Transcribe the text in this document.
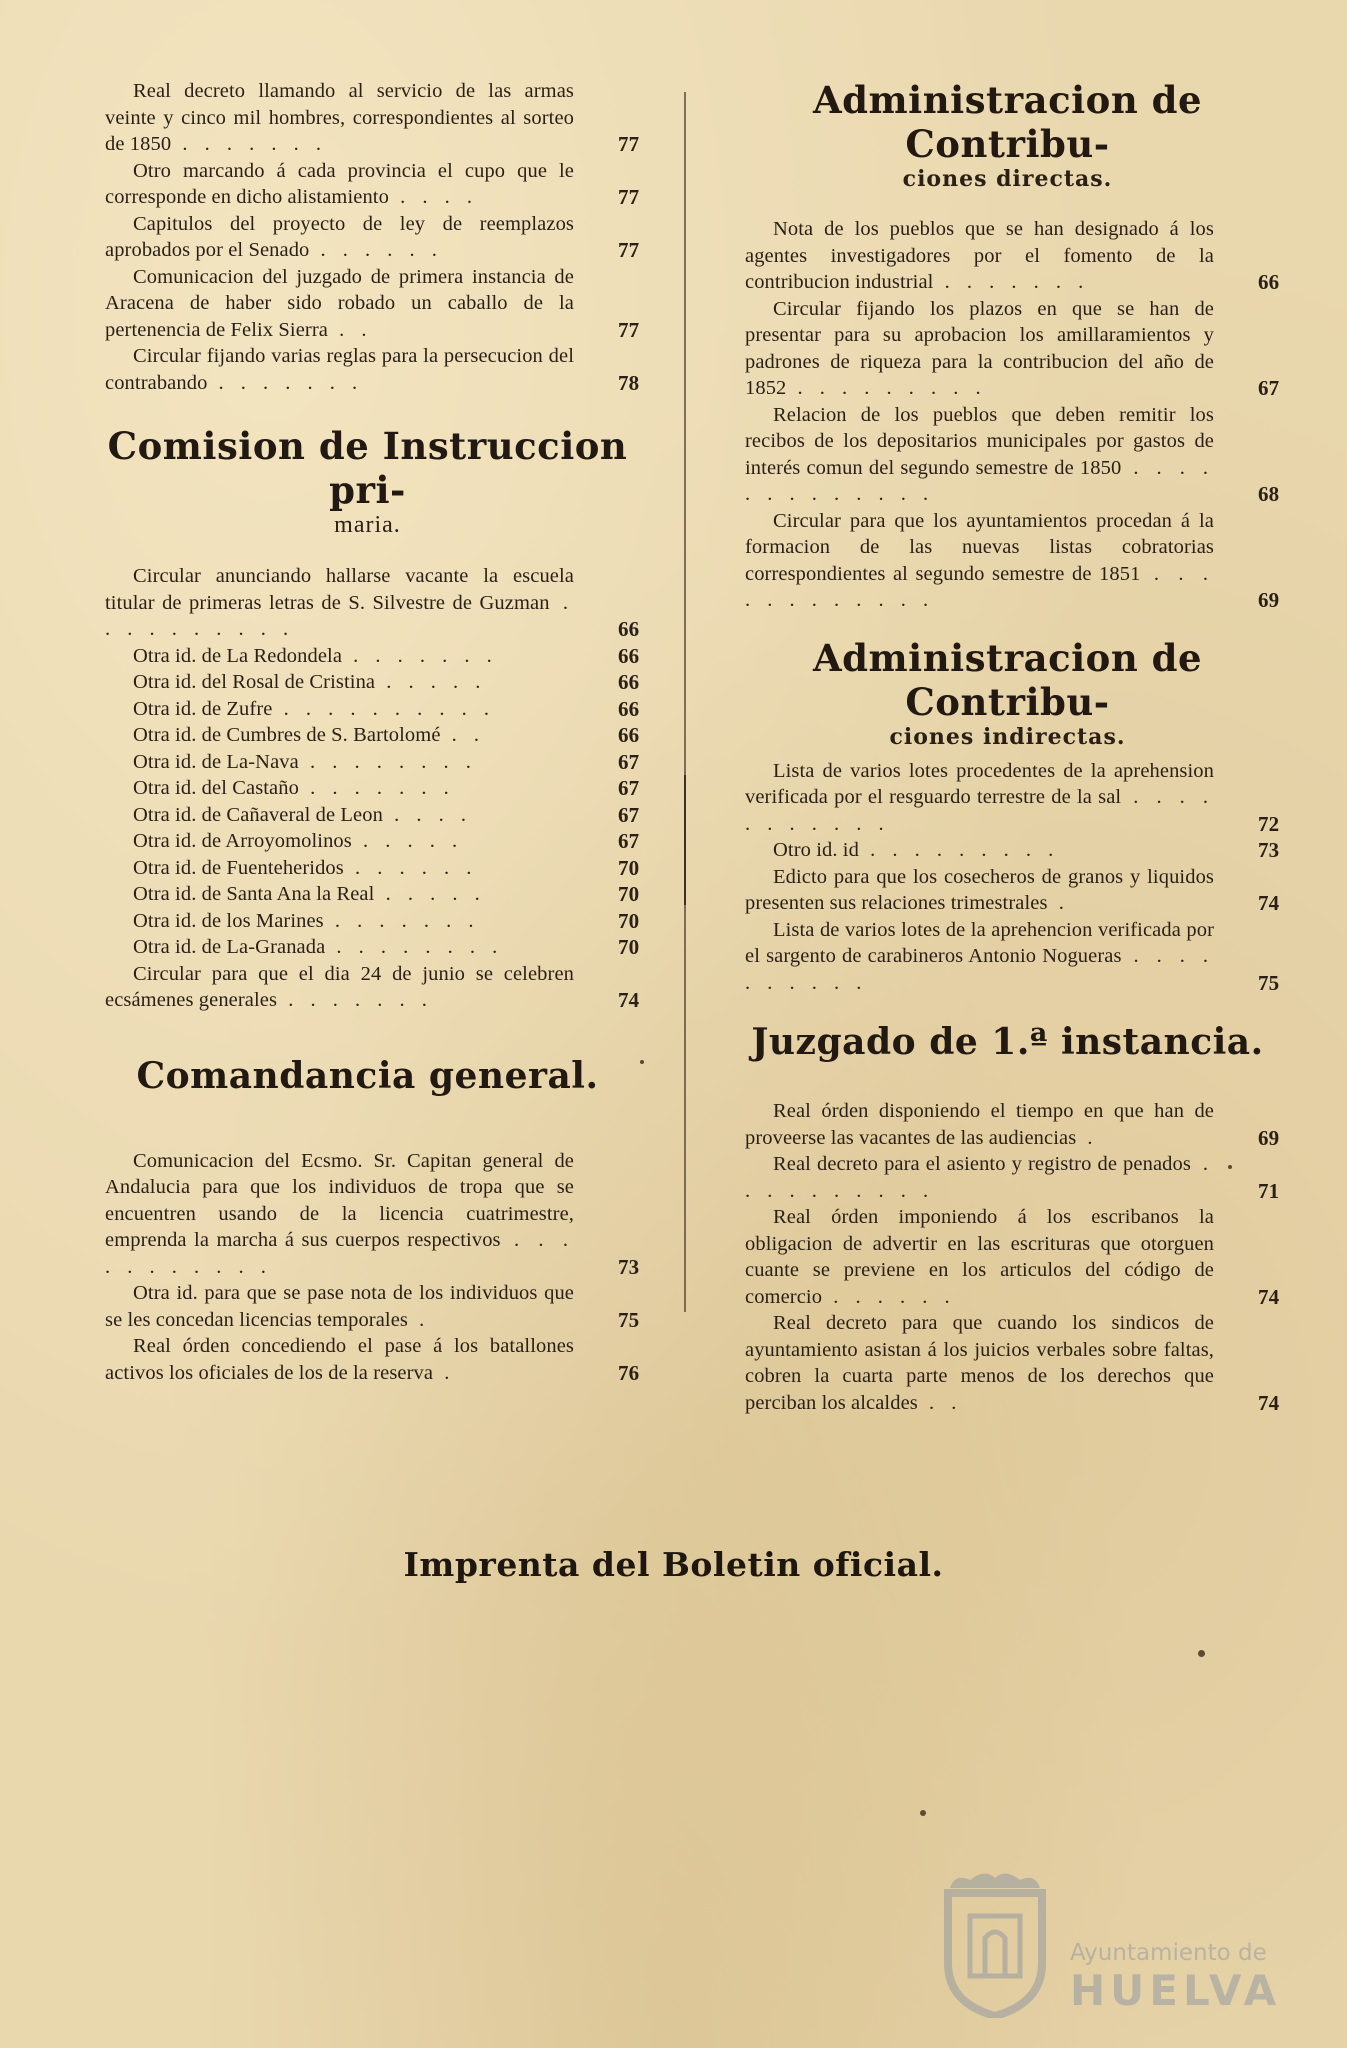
Real decreto llamando al servicio de las armas veinte y cinco mil hombres, correspondientes al sorteo de 1850 . . . . . . .	77
Otro marcando á cada provincia el cupo que le corresponde en dicho alistamiento . . . .	77
Capitulos del proyecto de ley de reemplazos aprobados por el Senado . . . . . .	77
Comunicacion del juzgado de primera instancia de Aracena de haber sido robado un caballo de la pertenencia de Felix Sierra . .	77
Circular fijando varias reglas para la persecucion del contrabando . . . . . . .	78
Comision de Instruccion pri-
maria.
Circular anunciando hallarse vacante la escuela titular de primeras letras de S. Silvestre de Guzman . . . . . . . . . .	66
Otra id. de La Redondela . . . . . . .	66
Otra id. del Rosal de Cristina . . . . .	66
Otra id. de Zufre . . . . . . . . . .	66
Otra id. de Cumbres de S. Bartolomé . .	66
Otra id. de La-Nava . . . . . . . .	67
Otra id. del Castaño . . . . . . .	67
Otra id. de Cañaveral de Leon . . . .	67
Otra id. de Arroyomolinos . . . . .	67
Otra id. de Fuenteheridos . . . . . .	70
Otra id. de Santa Ana la Real . . . . .	70
Otra id. de los Marines . . . . . . .	70
Otra id. de La-Granada . . . . . . . .	70
Circular para que el dia 24 de junio se celebren ecsámenes generales . . . . . . .	74
Comandancia general.
Comunicacion del Ecsmo. Sr. Capitan general de Andalucia para que los individuos de tropa que se encuentren usando de la licencia cuatrimestre, emprenda la marcha á sus cuerpos respectivos . . . . . . . . . . .	73
Otra id. para que se pase nota de los individuos que se les concedan licencias temporales .	75
Real órden concediendo el pase á los batallones activos los oficiales de los de la reserva .	76
Administracion de Contribu-
ciones directas.
Nota de los pueblos que se han designado á los agentes investigadores por el fomento de la contribucion industrial . . . . . . .	66
Circular fijando los plazos en que se han de presentar para su aprobacion los amillaramientos y padrones de riqueza para la contribucion del año de 1852 . . . . . . . . .	67
Relacion de los pueblos que deben remitir los recibos de los depositarios municipales por gastos de interés comun del segundo semestre de 1850 . . . . . . . . . . . . .	68
Circular para que los ayuntamientos procedan á la formacion de las nuevas listas cobratorias correspondientes al segundo semestre de 1851 . . . . . . . . . . . .	69
Administracion de Contribu-
ciones indirectas.
Lista de varios lotes procedentes de la aprehension verificada por el resguardo terrestre de la sal . . . . . . . . . . .	72
Otro id. id . . . . . . . . .	73
Edicto para que los cosecheros de granos y liquidos presenten sus relaciones trimestrales .	74
Lista de varios lotes de la aprehencion verificada por el sargento de carabineros Antonio Nogueras . . . . . . . . . .	75
Juzgado de 1.ª instancia.
Real órden disponiendo el tiempo en que han de proveerse las vacantes de las audiencias .	69
Real decreto para el asiento y registro de penados . . . . . . . . . .	71
Real órden imponiendo á los escribanos la obligacion de advertir en las escrituras que otorguen cuante se previene en los articulos del código de comercio . . . . . .	74
Real decreto para que cuando los sindicos de ayuntamiento asistan á los juicios verbales sobre faltas, cobren la cuarta parte menos de los derechos que perciban los alcaldes . .	74
Imprenta del Boletin oficial.
Ayuntamiento de
HUELVA
